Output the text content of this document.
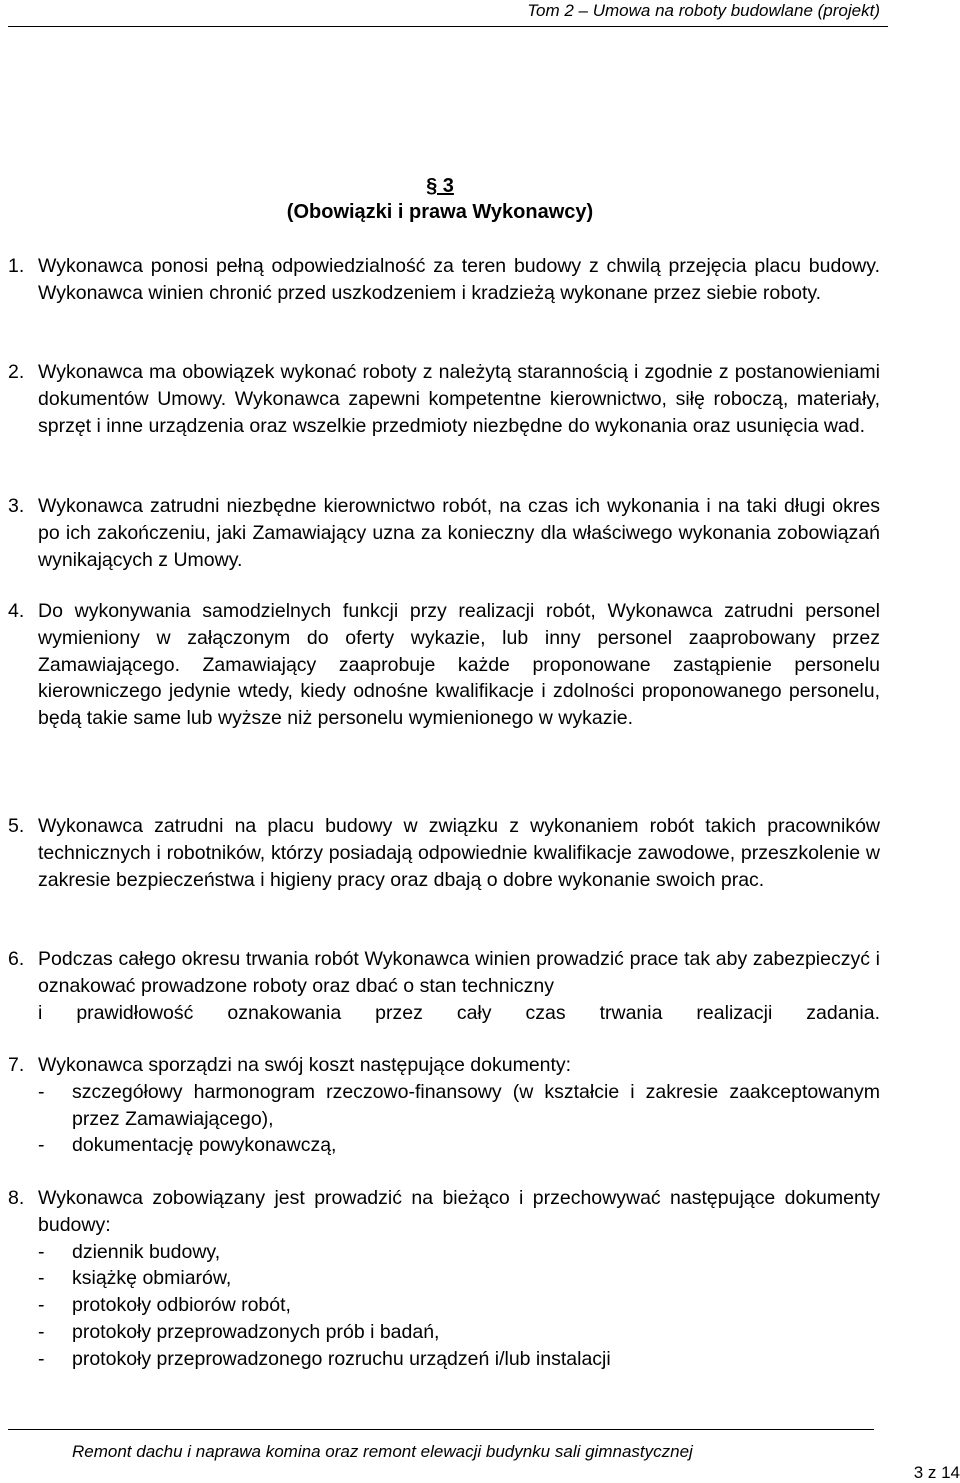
Tom 2 – Umowa na roboty budowlane (projekt)
§ 3
(Obowiązki i prawa Wykonawcy)
1. Wykonawca ponosi pełną odpowiedzialność za teren budowy z chwilą przejęcia placu budowy. Wykonawca winien chronić przed uszkodzeniem i kradzieżą wykonane przez siebie roboty.
2. Wykonawca ma obowiązek wykonać roboty z należytą starannością i zgodnie z postanowieniami dokumentów Umowy. Wykonawca zapewni kompetentne kierownictwo, siłę roboczą, materiały, sprzęt i inne urządzenia oraz wszelkie przedmioty niezbędne do wykonania oraz usunięcia wad.
3. Wykonawca zatrudni niezbędne kierownictwo robót, na czas ich wykonania i na taki długi okres po ich zakończeniu, jaki Zamawiający uzna za konieczny dla właściwego wykonania zobowiązań wynikających z Umowy.
4. Do wykonywania samodzielnych funkcji przy realizacji robót, Wykonawca zatrudni personel wymieniony w załączonym do oferty wykazie, lub inny personel zaaprobowany przez Zamawiającego. Zamawiający zaaprobuje każde proponowane zastąpienie personelu kierowniczego jedynie wtedy, kiedy odnośne kwalifikacje i zdolności proponowanego personelu, będą takie same lub wyższe niż personelu wymienionego w wykazie.
5. Wykonawca zatrudni na placu budowy w związku z wykonaniem robót takich pracowników technicznych i robotników, którzy posiadają odpowiednie kwalifikacje zawodowe, przeszkolenie w zakresie bezpieczeństwa i higieny pracy oraz dbają o dobre wykonanie swoich prac.
6. Podczas całego okresu trwania robót Wykonawca winien prowadzić prace tak aby zabezpieczyć i oznakować prowadzone roboty oraz dbać o stan techniczny
i prawidłowość oznakowania przez cały czas trwania realizacji zadania.
7. Wykonawca sporządzi na swój koszt następujące dokumenty:
- szczegółowy harmonogram rzeczowo-finansowy (w kształcie i zakresie zaakceptowanym przez Zamawiającego),
- dokumentację powykonawczą,
8. Wykonawca zobowiązany jest prowadzić na bieżąco i przechowywać następujące dokumenty budowy:
- dziennik budowy,
- książkę obmiarów,
- protokoły odbiorów robót,
- protokoły przeprowadzonych prób i badań,
- protokoły przeprowadzonego rozruchu urządzeń i/lub instalacji
Remont dachu i naprawa komina oraz remont elewacji budynku sali gimnastycznej
3 z 14
